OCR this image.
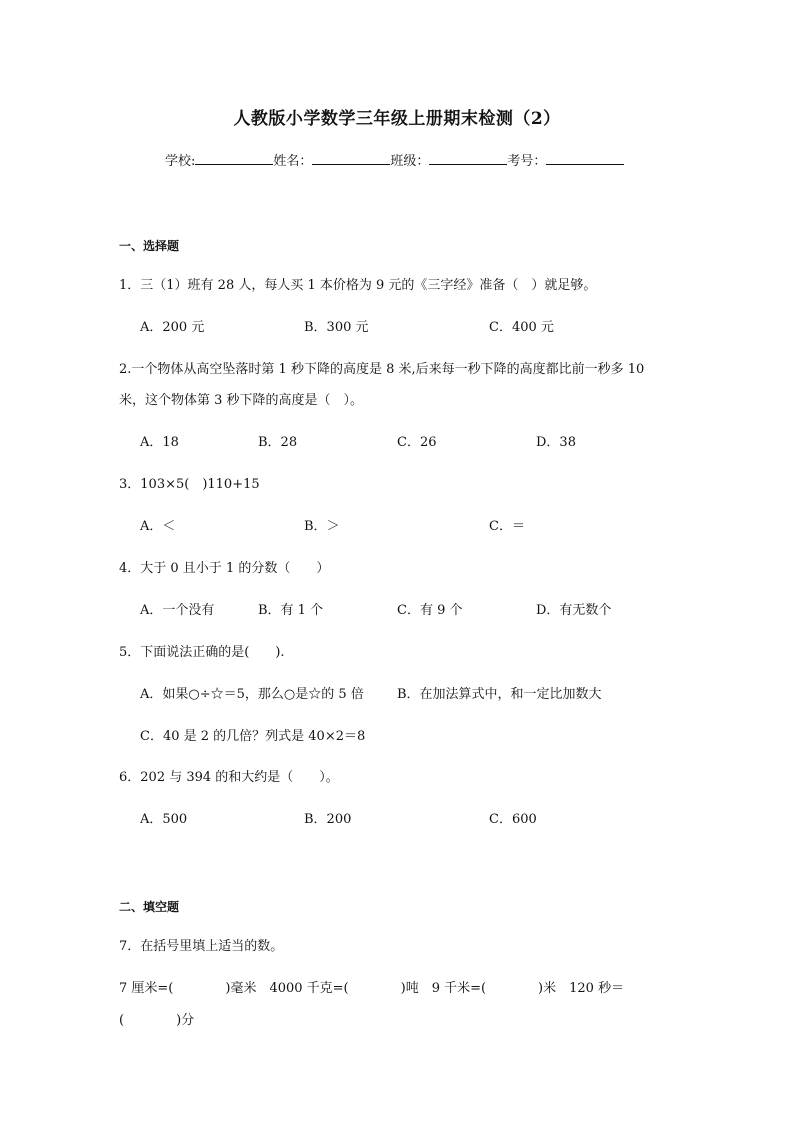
人教版小学数学三年级上册期末检测（2）
学校:	姓名：	班级：	考号：
一、选择题
1．三（1）班有 28 人，每人买 1 本价格为 9 元的《三字经》准备（　）就足够。
A．200 元	B．300 元	C．400 元
2.一个物体从高空坠落时第 1 秒下降的高度是 8 米,后来每一秒下降的高度都比前一秒多 10
米，这个物体第 3 秒下降的高度是（　）。
A．18	B．28	C．26	D．38
3．103×5(　)110+15
A．＜	B．＞	C．＝
4．大于 0 且小于 1 的分数（　　）
A．一个没有	B．有 1 个	C．有 9 个	D．有无数个
5．下面说法正确的是(　　).
A．如果○÷☆＝5，那么○是☆的 5 倍	B．在加法算式中，和一定比加数大
C．40 是 2 的几倍？列式是 40×2＝8
6．202 与 394 的和大约是（　　）。
A．500	B．200	C．600
二、填空题
7．在括号里填上适当的数。
7 厘米=(　　　　)毫米　4000 千克=(　　　　)吨　9 千米=(　　　　)米　120 秒＝
(　　　　)分
